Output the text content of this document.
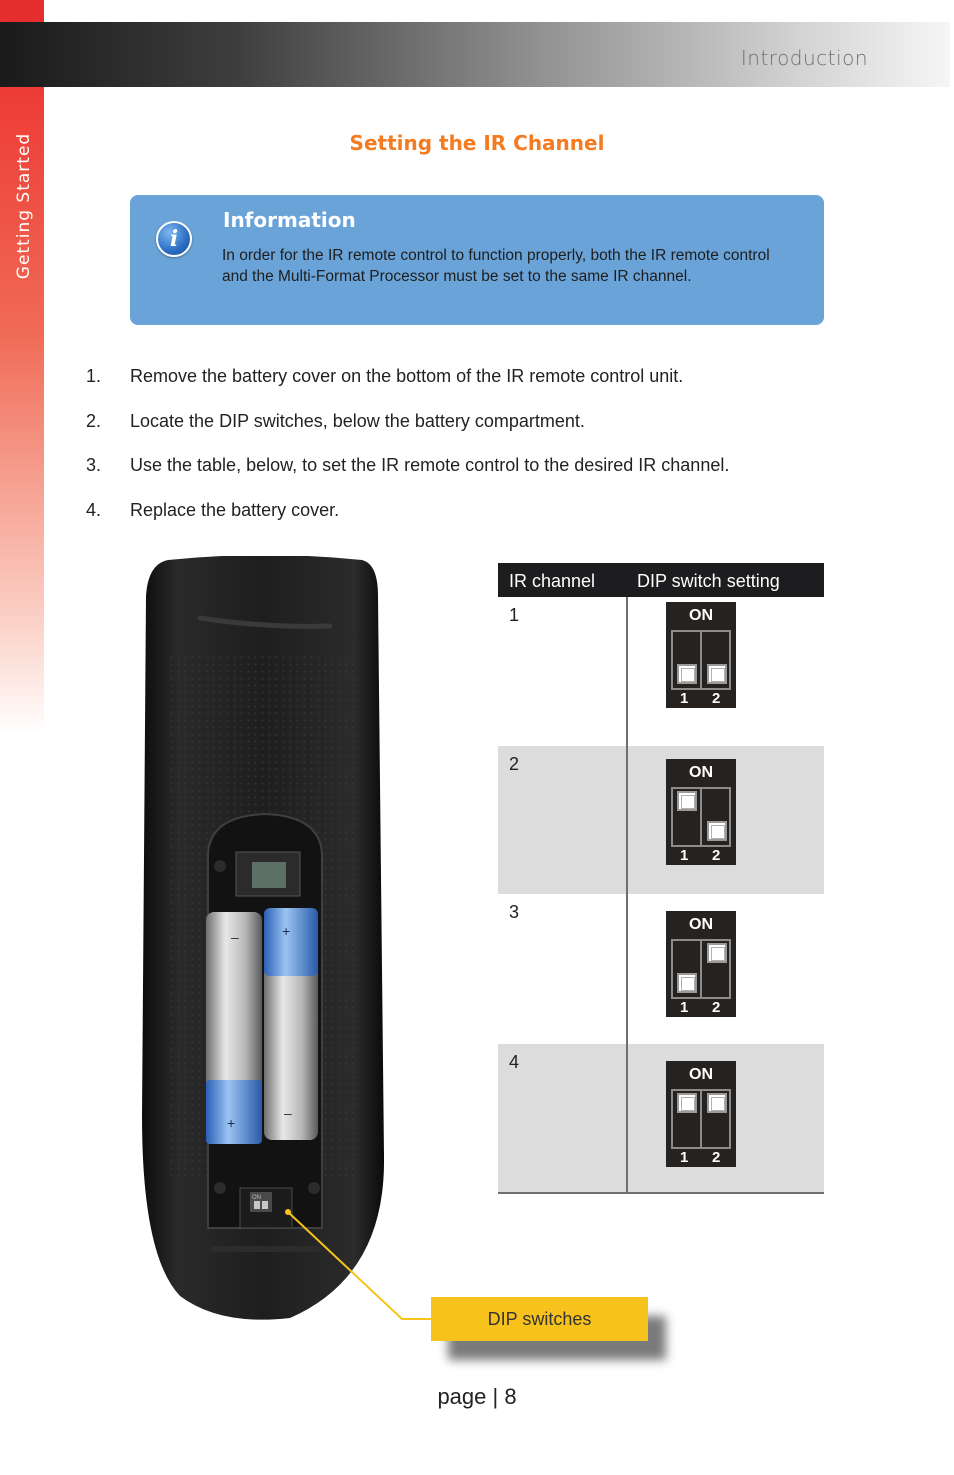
Getting Started
Introduction
Setting the IR Channel
i
Information
In order for the IR remote control to function properly, both the IR remote control and the Multi-Format Processor must be set to the same IR channel.
1. Remove the battery cover on the bottom of the IR remote control unit.
2. Locate the DIP switches, below the battery compartment.
3. Use the table, below, to set the IR remote control to the desired IR channel.
4. Replace the battery cover.
–
+
+
–
ON
IR channel DIP switch setting
1	ON
1 2
2	ON
1 2
3
ON
1 2
4
ON
1 2
DIP switches
page | 8
